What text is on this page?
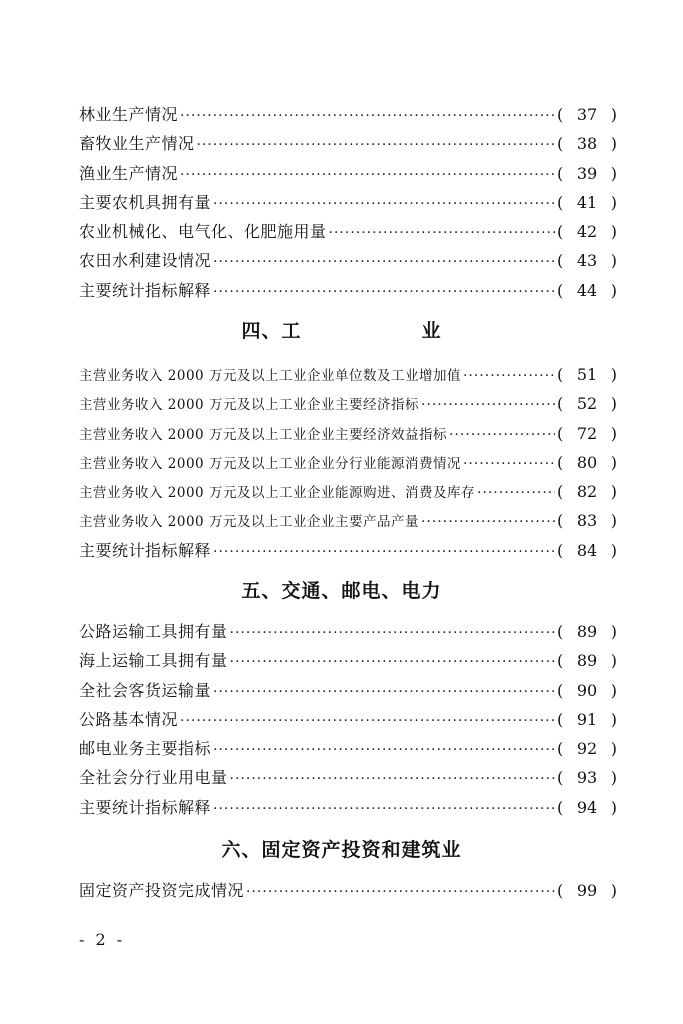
林业生产情况 ·····	( 37 )
畜牧业生产情况 ·····	( 38 )
渔业生产情况 ·····	( 39 )
主要农机具拥有量 ·····	( 41 )
农业机械化、电气化、化肥施用量 ·····	( 42 )
农田水利建设情况 ·····	( 43 )
主要统计指标解释 ·····	( 44 )
四、工	业
主营业务收入 2000 万元及以上工业企业单位数及工业增加值 ·····	( 51 )
主营业务收入 2000 万元及以上工业企业主要经济指标 ·····	( 52 )
主营业务收入 2000 万元及以上工业企业主要经济效益指标 ·····	( 72 )
主营业务收入 2000 万元及以上工业企业分行业能源消费情况 ·····	( 80 )
主营业务收入 2000 万元及以上工业企业能源购进、消费及库存 ·····	( 82 )
主营业务收入 2000 万元及以上工业企业主要产品产量 ·····	( 83 )
主要统计指标解释 ·····	( 84 )
五、交通、邮电、电力
公路运输工具拥有量 ·····	( 89 )
海上运输工具拥有量 ·····	( 89 )
全社会客货运输量 ·····	( 90 )
公路基本情况 ·····	( 91 )
邮电业务主要指标 ·····	( 92 )
全社会分行业用电量 ·····	( 93 )
主要统计指标解释 ·····	( 94 )
六、固定资产投资和建筑业
固定资产投资完成情况 ·····	( 99 )
- 2 -
